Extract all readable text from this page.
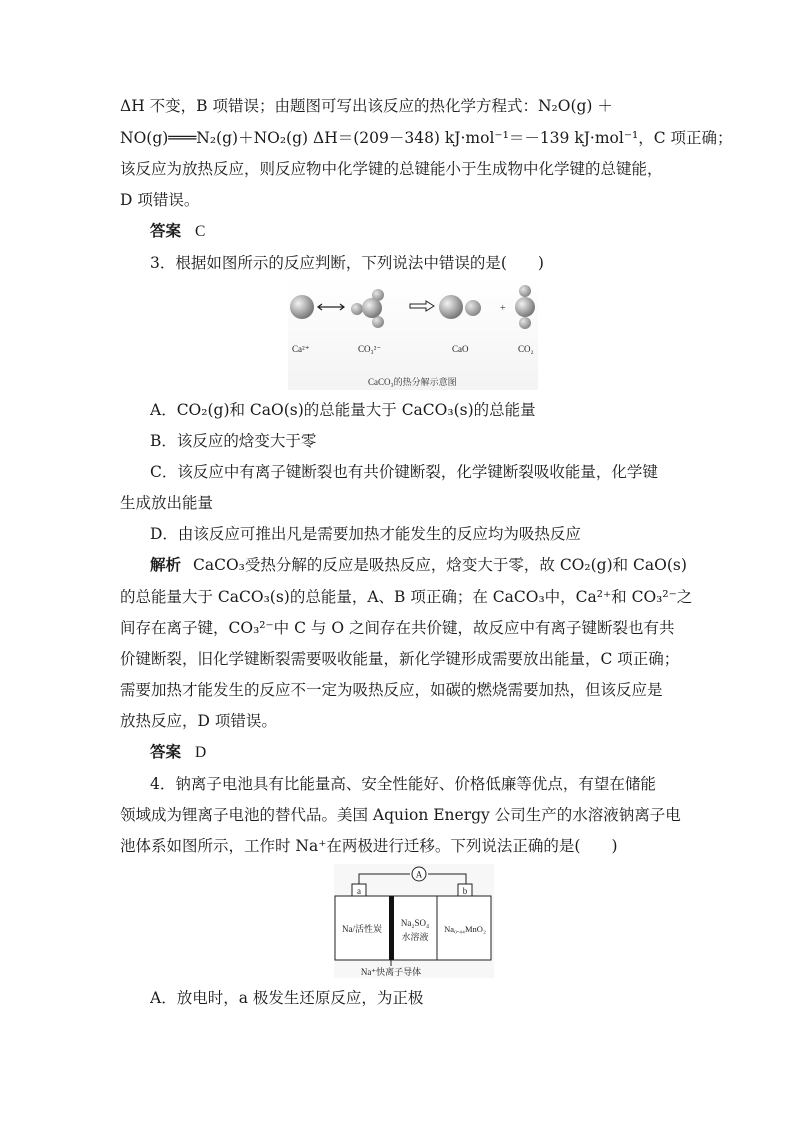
ΔH 不变，B 项错误；由题图可写出该反应的热化学方程式：N₂O(g) ＋
NO(g)═══N₂(g)＋NO₂(g) ΔH＝(209－348) kJ·mol⁻¹＝－139 kJ·mol⁻¹，C 项正确；
该反应为放热反应，则反应物中化学键的总键能小于生成物中化学键的总键能，
D 项错误。
答案 C
3．根据如图所示的反应判断，下列说法中错误的是(　　)
+
Ca²⁺	CO₃²⁻	CaO	CO₂
CaCO₃的热分解示意图
A．CO₂(g)和 CaO(s)的总能量大于 CaCO₃(s)的总能量
B．该反应的焓变大于零
C．该反应中有离子键断裂也有共价键断裂，化学键断裂吸收能量，化学键
生成放出能量
D．由该反应可推出凡是需要加热才能发生的反应均为吸热反应
解析 CaCO₃受热分解的反应是吸热反应，焓变大于零，故 CO₂(g)和 CaO(s)
的总能量大于 CaCO₃(s)的总能量，A、B 项正确；在 CaCO₃中，Ca²⁺和 CO₃²⁻之
间存在离子键，CO₃²⁻中 C 与 O 之间存在共价键，故反应中有离子键断裂也有共
价键断裂，旧化学键断裂需要吸收能量，新化学键形成需要放出能量，C 项正确；
需要加热才能发生的反应不一定为吸热反应，如碳的燃烧需要加热，但该反应是
放热反应，D 项错误。
答案 D
4．钠离子电池具有比能量高、安全性能好、价格低廉等优点，有望在储能
领域成为锂离子电池的替代品。美国 Aquion Energy 公司生产的水溶液钠离子电
池体系如图所示，工作时 Na⁺在两极进行迁移。下列说法正确的是(　　)
A
a	b
Na/活性炭
Na₂SO₄
水溶液
Na₀.₄₄MnO₂
Na⁺快离子导体
A．放电时，a 极发生还原反应，为正极
